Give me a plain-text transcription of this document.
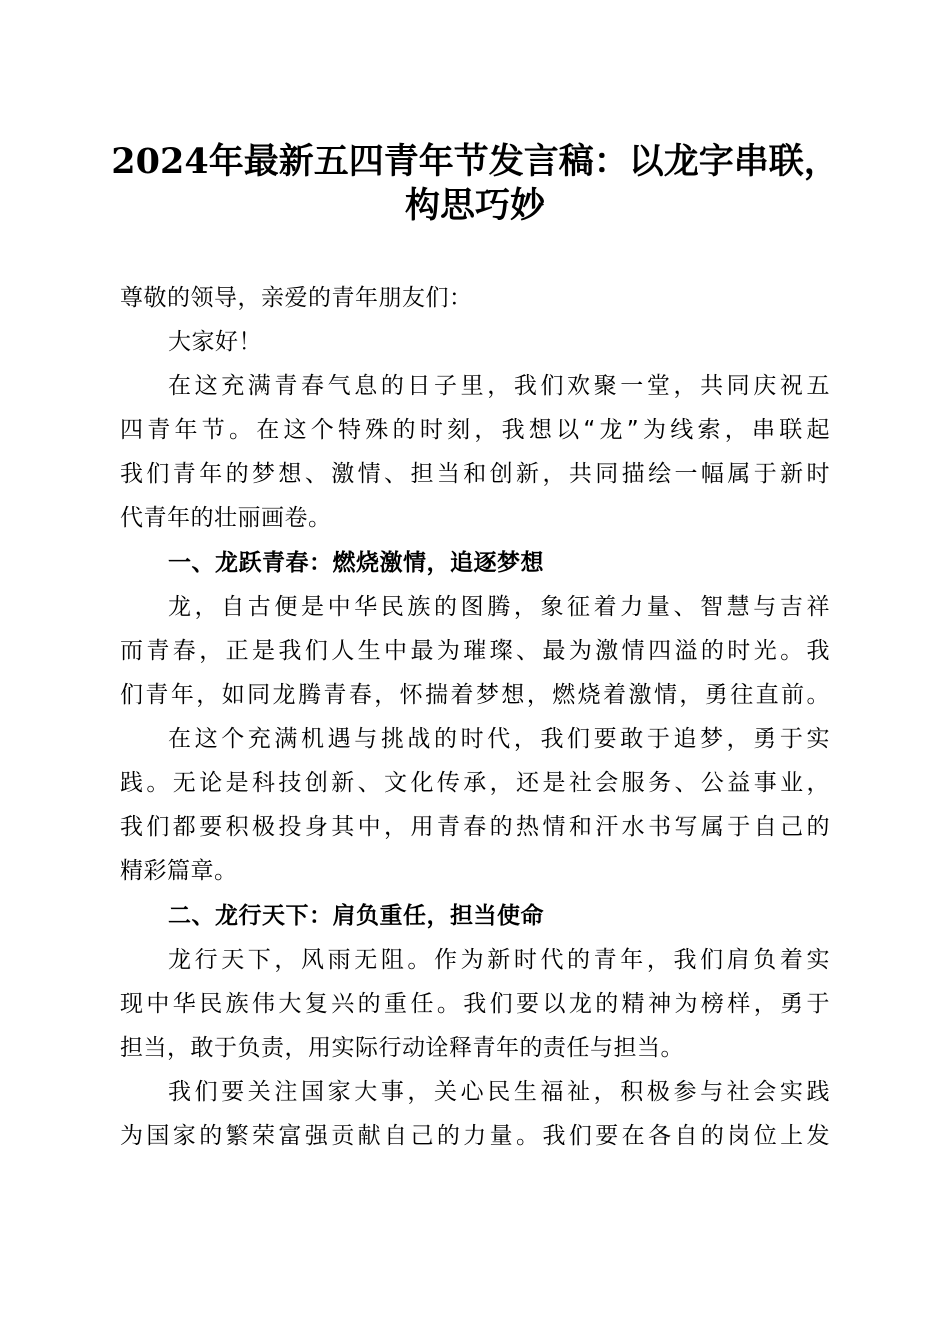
2024年最新五四青年节发言稿：以龙字串联，
构思巧妙
尊敬的领导，亲爱的青年朋友们：
大家好！
在这充满青春气息的日子里，我们欢聚一堂，共同庆祝五
四青年节。在这个特殊的时刻，我想以“龙”为线索，串联起
我们青年的梦想、激情、担当和创新，共同描绘一幅属于新时
代青年的壮丽画卷。
一、龙跃青春：燃烧激情，追逐梦想
龙，自古便是中华民族的图腾，象征着力量、智慧与吉祥
而青春，正是我们人生中最为璀璨、最为激情四溢的时光。我
们青年，如同龙腾青春，怀揣着梦想，燃烧着激情，勇往直前。
在这个充满机遇与挑战的时代，我们要敢于追梦，勇于实
践。无论是科技创新、文化传承，还是社会服务、公益事业，
我们都要积极投身其中，用青春的热情和汗水书写属于自己的
精彩篇章。
二、龙行天下：肩负重任，担当使命
龙行天下，风雨无阻。作为新时代的青年，我们肩负着实
现中华民族伟大复兴的重任。我们要以龙的精神为榜样，勇于
担当，敢于负责，用实际行动诠释青年的责任与担当。
我们要关注国家大事，关心民生福祉，积极参与社会实践
为国家的繁荣富强贡献自己的力量。我们要在各自的岗位上发
